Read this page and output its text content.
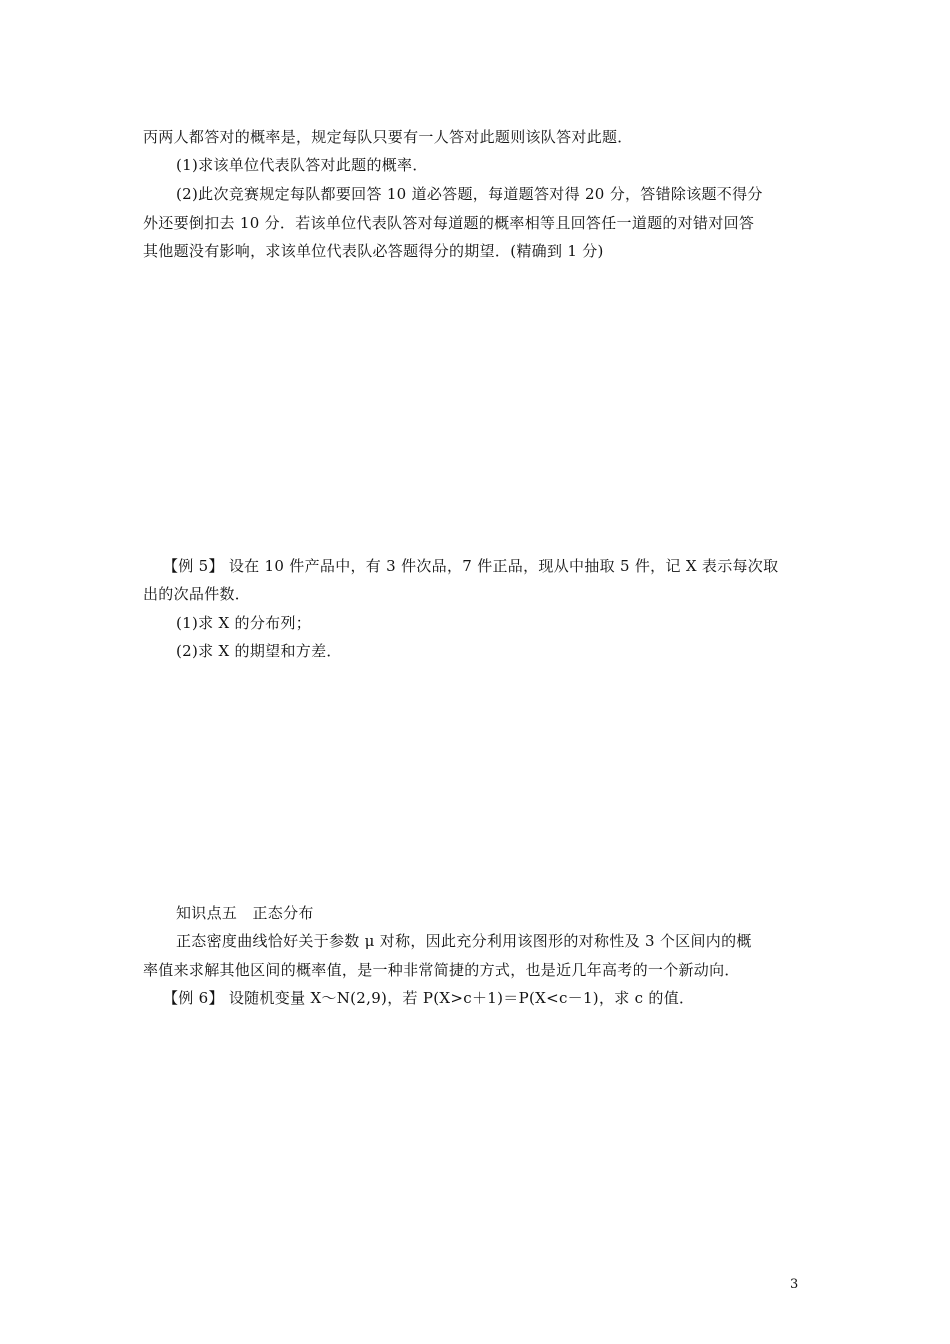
丙两人都答对的概率是，规定每队只要有一人答对此题则该队答对此题．
(1)求该单位代表队答对此题的概率．
(2)此次竞赛规定每队都要回答 10 道必答题，每道题答对得 20 分，答错除该题不得分
外还要倒扣去 10 分．若该单位代表队答对每道题的概率相等且回答任一道题的对错对回答
其他题没有影响，求该单位代表队必答题得分的期望．(精确到 1 分)
【例 5】 设在 10 件产品中，有 3 件次品，7 件正品，现从中抽取 5 件，记 X 表示每次取
出的次品件数．
(1)求 X 的分布列；
(2)求 X 的期望和方差．
知识点五　正态分布
正态密度曲线恰好关于参数 μ 对称，因此充分利用该图形的对称性及 3 个区间内的概
率值来求解其他区间的概率值，是一种非常简捷的方式，也是近几年高考的一个新动向．
【例 6】 设随机变量 X～N(2,9)，若 P(X>c＋1)＝P(X<c－1)，求 c 的值．
3
